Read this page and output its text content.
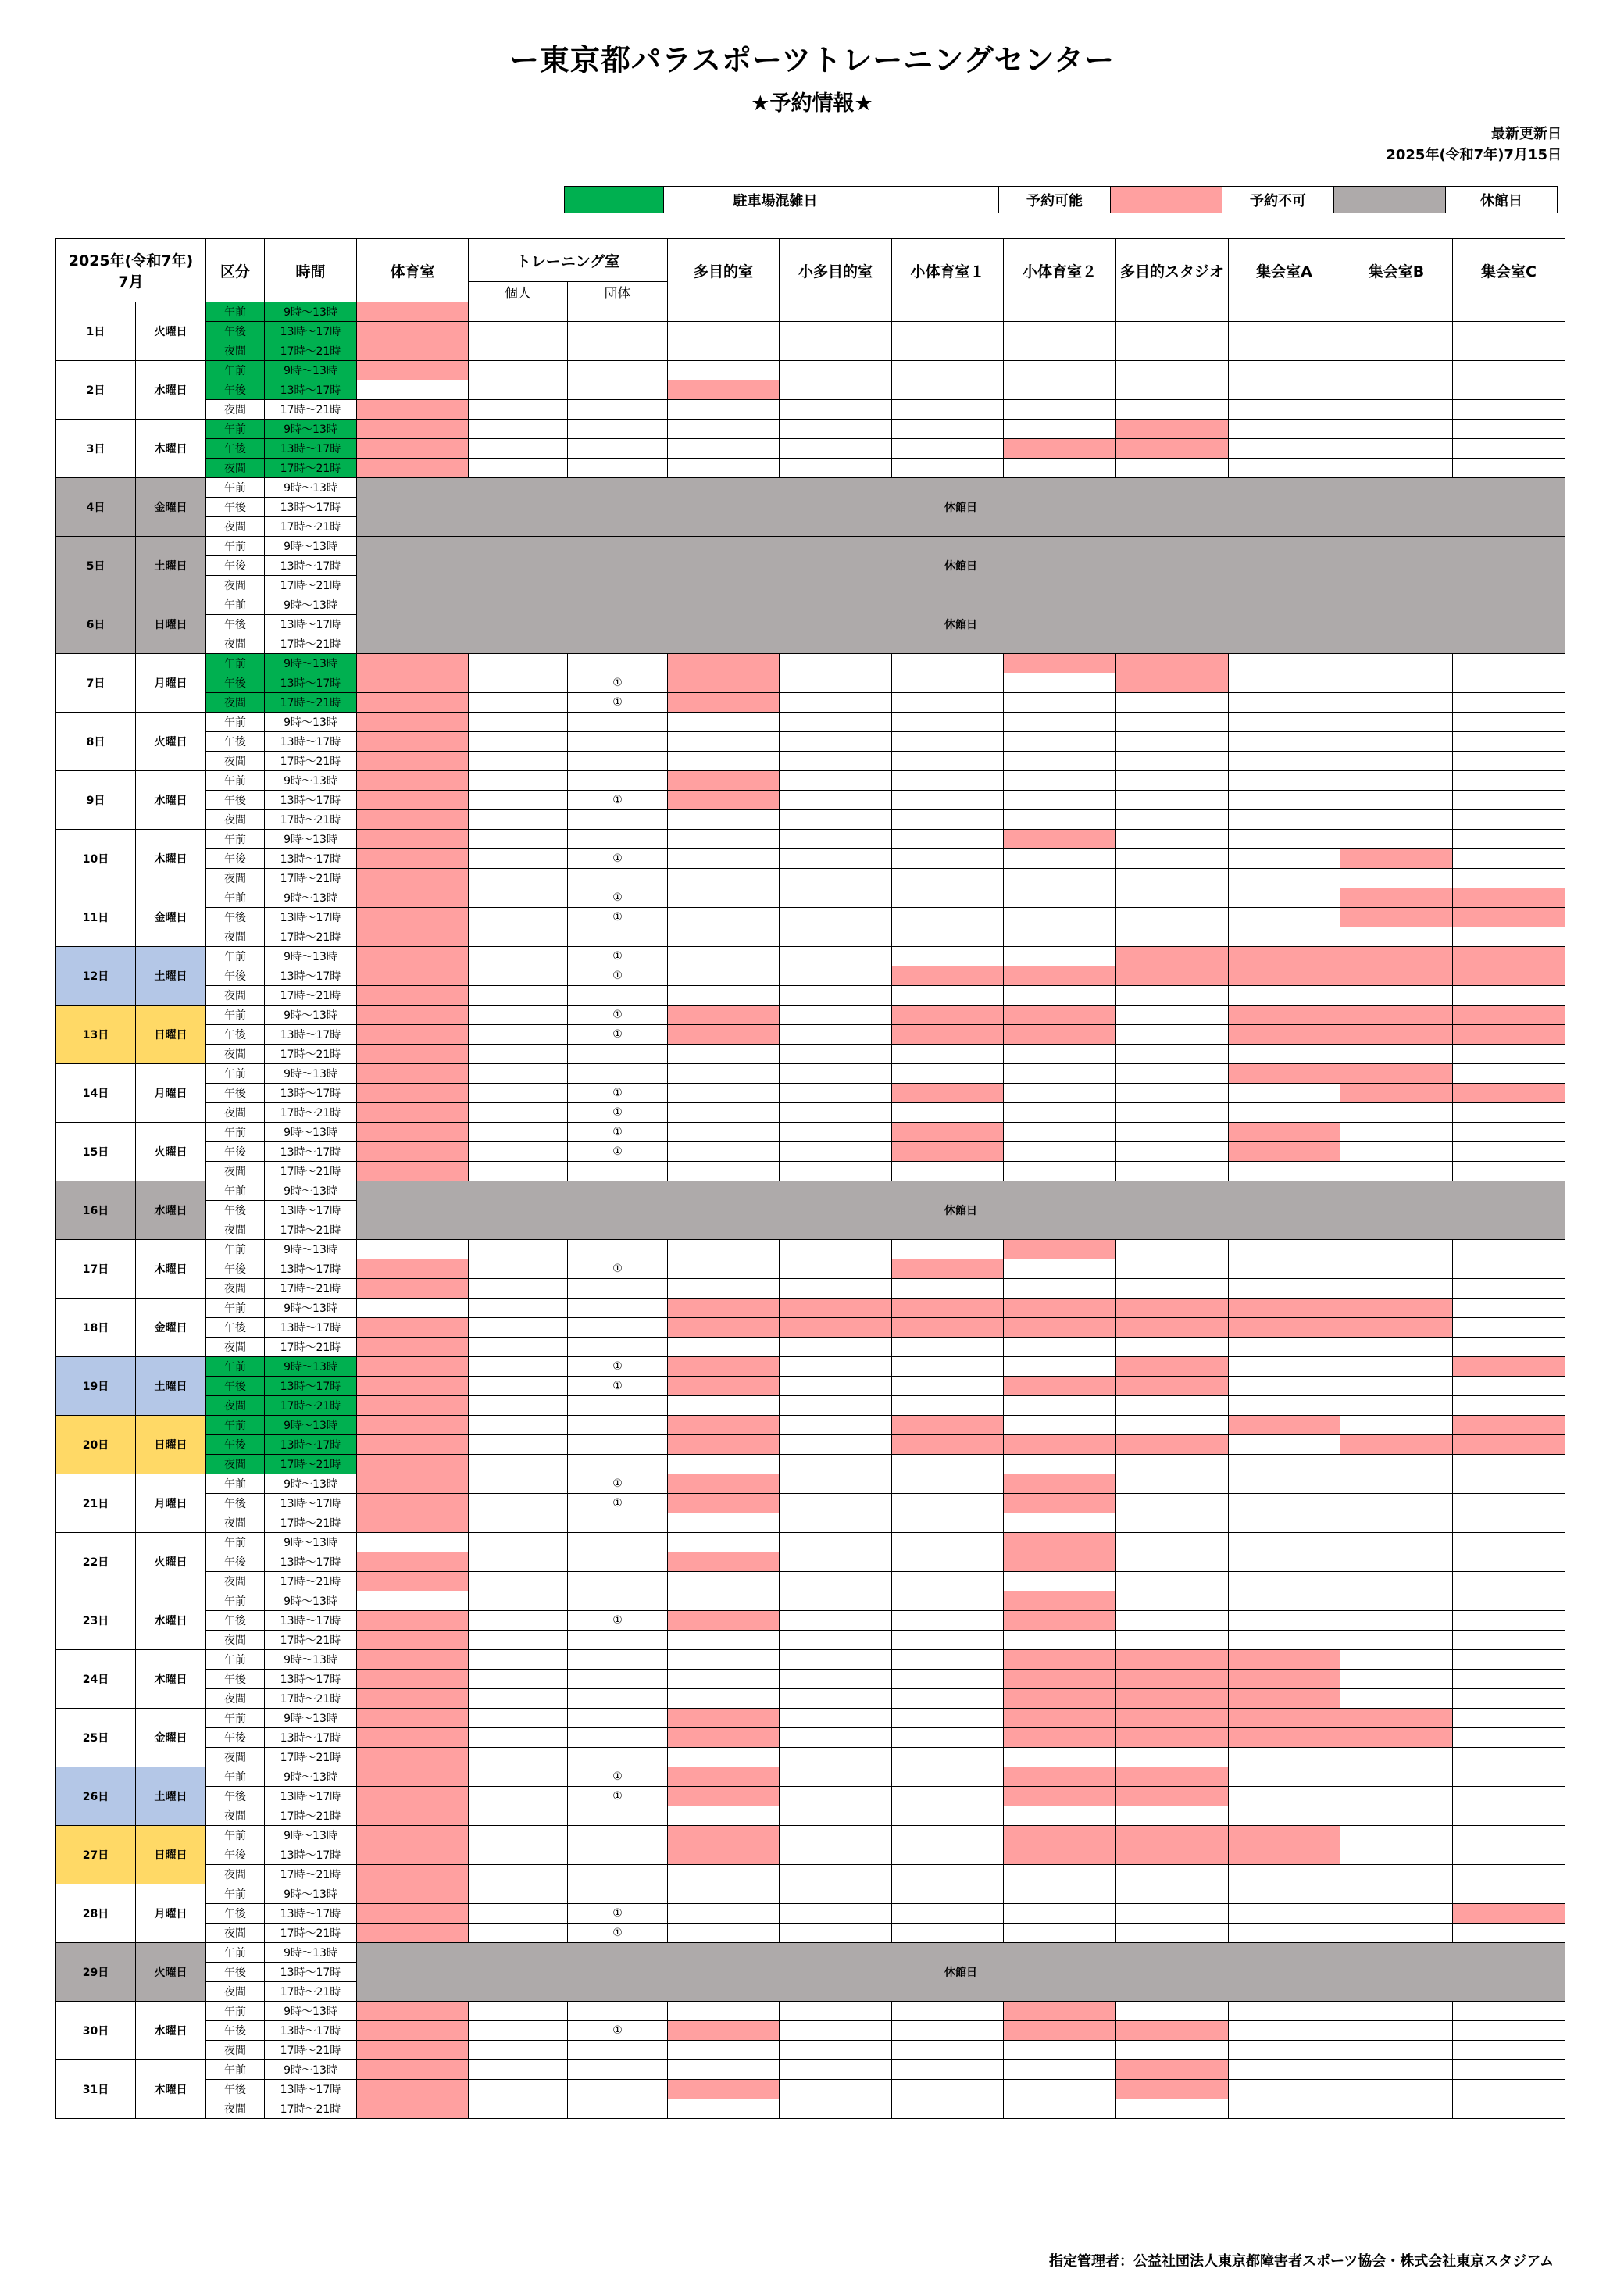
ー東京都パラスポーツトレーニングセンター
★予約情報★
最新更新日
2025年(令和7年)7月15日
	駐車場混雑日		予約可能		予約不可		休館日
2025年(令和7年)
7月		区分	時間	体育室	トレーニング室		多目的室	小多目的室	小体育室１	小体育室２	多目的スタジオ	集会室A	集会室B	集会室C
					個人	団体								
1日	火曜日	午前	9時～13時											
		午後	13時～17時											
		夜間	17時～21時											
2日	水曜日	午前	9時～13時											
		午後	13時～17時											
		夜間	17時～21時											
3日	木曜日	午前	9時～13時											
		午後	13時～17時											
		夜間	17時～21時											
4日	金曜日	午前	9時～13時	休館日										
		午後	13時～17時											
		夜間	17時～21時											
5日	土曜日	午前	9時～13時	休館日										
		午後	13時～17時											
		夜間	17時～21時											
6日	日曜日	午前	9時～13時	休館日										
		午後	13時～17時											
		夜間	17時～21時											
7日	月曜日	午前	9時～13時											
		午後	13時～17時			①								
		夜間	17時～21時			①								
8日	火曜日	午前	9時～13時											
		午後	13時～17時											
		夜間	17時～21時											
9日	水曜日	午前	9時～13時											
		午後	13時～17時			①								
		夜間	17時～21時											
10日	木曜日	午前	9時～13時											
		午後	13時～17時			①								
		夜間	17時～21時											
11日	金曜日	午前	9時～13時			①								
		午後	13時～17時			①								
		夜間	17時～21時											
12日	土曜日	午前	9時～13時			①								
		午後	13時～17時			①								
		夜間	17時～21時											
13日	日曜日	午前	9時～13時			①								
		午後	13時～17時			①								
		夜間	17時～21時											
14日	月曜日	午前	9時～13時											
		午後	13時～17時			①								
		夜間	17時～21時			①								
15日	火曜日	午前	9時～13時			①								
		午後	13時～17時			①								
		夜間	17時～21時											
16日	水曜日	午前	9時～13時	休館日										
		午後	13時～17時											
		夜間	17時～21時											
17日	木曜日	午前	9時～13時											
		午後	13時～17時			①								
		夜間	17時～21時											
18日	金曜日	午前	9時～13時											
		午後	13時～17時											
		夜間	17時～21時											
19日	土曜日	午前	9時～13時			①								
		午後	13時～17時			①								
		夜間	17時～21時											
20日	日曜日	午前	9時～13時											
		午後	13時～17時											
		夜間	17時～21時											
21日	月曜日	午前	9時～13時			①								
		午後	13時～17時			①								
		夜間	17時～21時											
22日	火曜日	午前	9時～13時											
		午後	13時～17時											
		夜間	17時～21時											
23日	水曜日	午前	9時～13時											
		午後	13時～17時			①								
		夜間	17時～21時											
24日	木曜日	午前	9時～13時											
		午後	13時～17時											
		夜間	17時～21時											
25日	金曜日	午前	9時～13時											
		午後	13時～17時											
		夜間	17時～21時											
26日	土曜日	午前	9時～13時			①								
		午後	13時～17時			①								
		夜間	17時～21時											
27日	日曜日	午前	9時～13時											
		午後	13時～17時											
		夜間	17時～21時											
28日	月曜日	午前	9時～13時											
		午後	13時～17時			①								
		夜間	17時～21時			①								
29日	火曜日	午前	9時～13時	休館日										
		午後	13時～17時											
		夜間	17時～21時											
30日	水曜日	午前	9時～13時											
		午後	13時～17時			①								
		夜間	17時～21時											
31日	木曜日	午前	9時～13時											
		午後	13時～17時											
		夜間	17時～21時											
指定管理者：公益社団法人東京都障害者スポーツ協会・株式会社東京スタジアム
